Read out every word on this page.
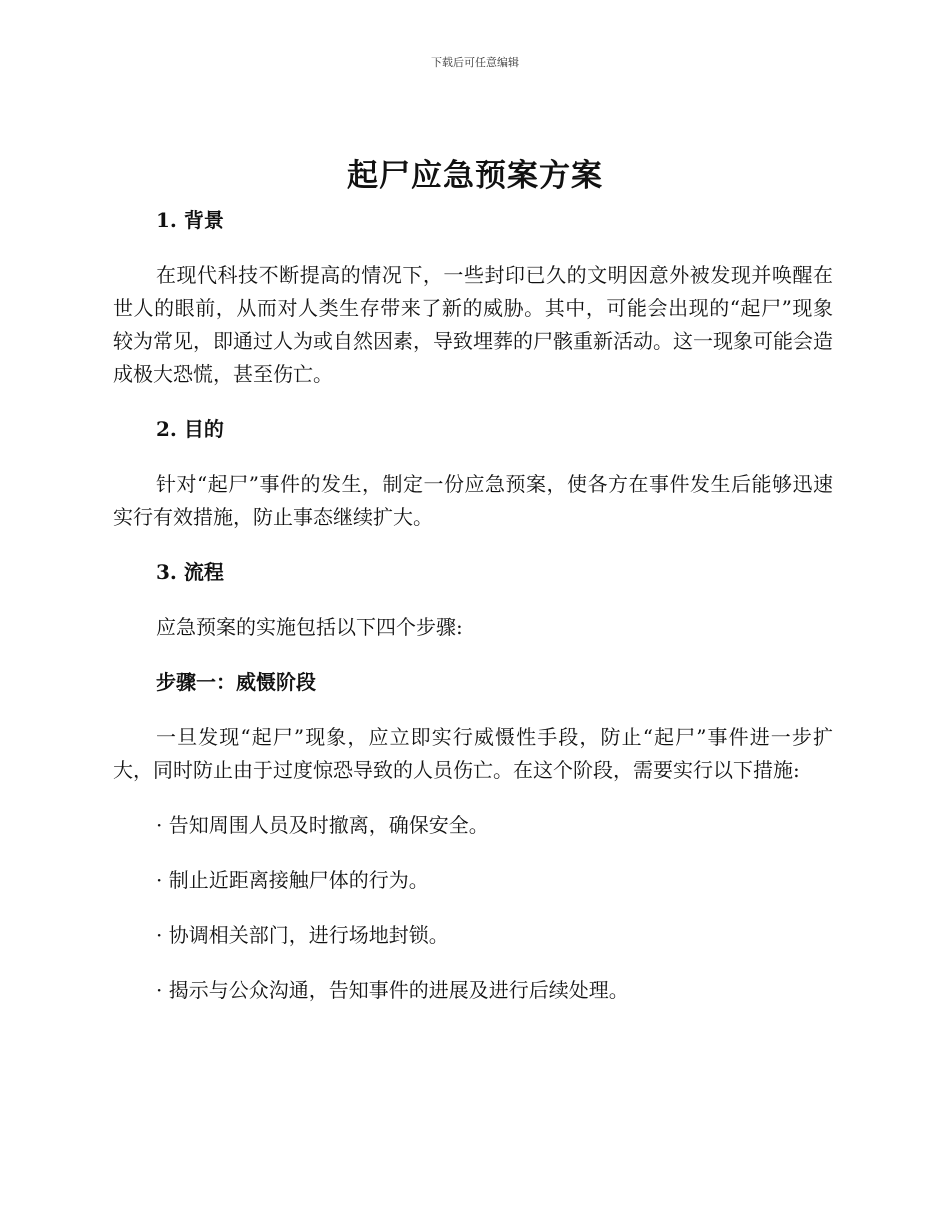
下载后可任意编辑
起尸应急预案方案
1. 背景

在现代科技不断提高的情况下，一些封印已久的文明因意外被发现并唤醒在世人的眼前，从而对人类生存带来了新的威胁。其中，可能会出现的“起尸”现象较为常见，即通过人为或自然因素，导致埋葬的尸骸重新活动。这一现象可能会造成极大恐慌，甚至伤亡。

2. 目的

针对“起尸”事件的发生，制定一份应急预案，使各方在事件发生后能够迅速实行有效措施，防止事态继续扩大。

3. 流程

应急预案的实施包括以下四个步骤:

步骤一：威慑阶段

一旦发现“起尸”现象，应立即实行威慑性手段，防止“起尸”事件进一步扩大，同时防止由于过度惊恐导致的人员伤亡。在这个阶段，需要实行以下措施:

· 告知周围人员及时撤离，确保安全。
· 制止近距离接触尸体的行为。
· 协调相关部门，进行场地封锁。
· 揭示与公众沟通，告知事件的进展及进行后续处理。
